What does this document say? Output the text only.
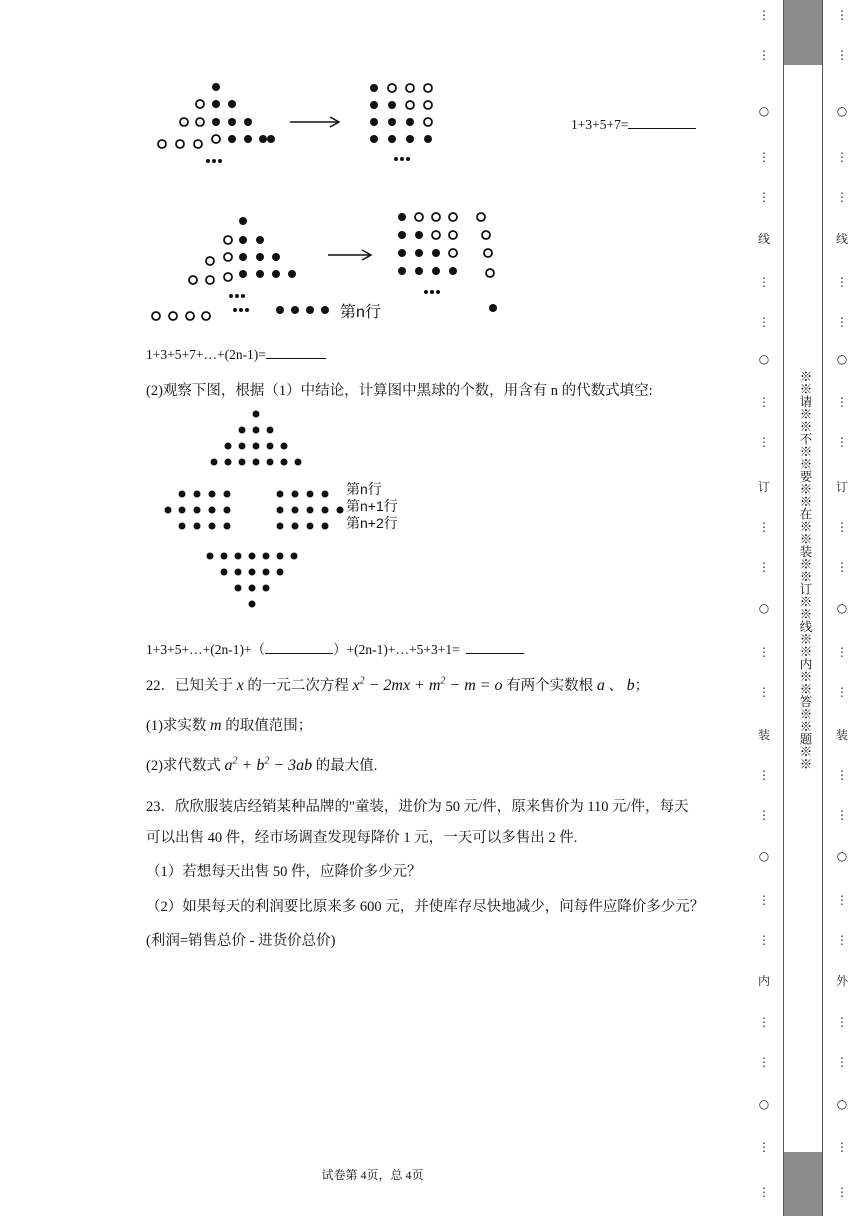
1+3+5+7=
第n行
1+3+5+7+…+(2n-1)=
(2)观察下图，根据（1）中结论，计算图中黑球的个数，用含有 n 的代数式填空:
第n行
第n+1行
第n+2行
1+3+5+…+(2n-1)+（	）+(2n-1)+…+5+3+1=
22．已知关于 x 的一元二次方程 $x^2 - 2mx + m^2 - m = o$ 有两个实数根 a 、 b；
(1)求实数 m 的取值范围；
(2)求代数式 $a^2 + b^2 - 3ab$ 的最大值.
23．欣欣服装店经销某种品牌的"童装，进价为 50 元/件，原来售价为 110 元/件，每天
可以出售 40 件，经市场调查发现每降价 1 元，一天可以多售出 2 件.
（1）若想每天出售 50 件，应降价多少元？
（2）如果每天的利润要比原来多 600 元，并使库存尽快地减少，问每件应降价多少元？
(利润=销售总价 - 进货价总价)
试卷第 4页，总 4页
⋮
⋮
○
⋮
⋮
线
⋮
⋮
○
⋮
⋮
订
⋮
⋮
○
⋮
⋮
装
⋮
⋮
○
⋮
⋮
内
⋮
⋮
○
⋮
⋮
※※请※※不※※要※※在※※装※※订※※线※※内※※答※※题※※
⋮
⋮
○
⋮
⋮
线
⋮
⋮
○
⋮
⋮
订
⋮
⋮
○
⋮
⋮
装
⋮
⋮
○
⋮
⋮
外
⋮
⋮
○
⋮
⋮
